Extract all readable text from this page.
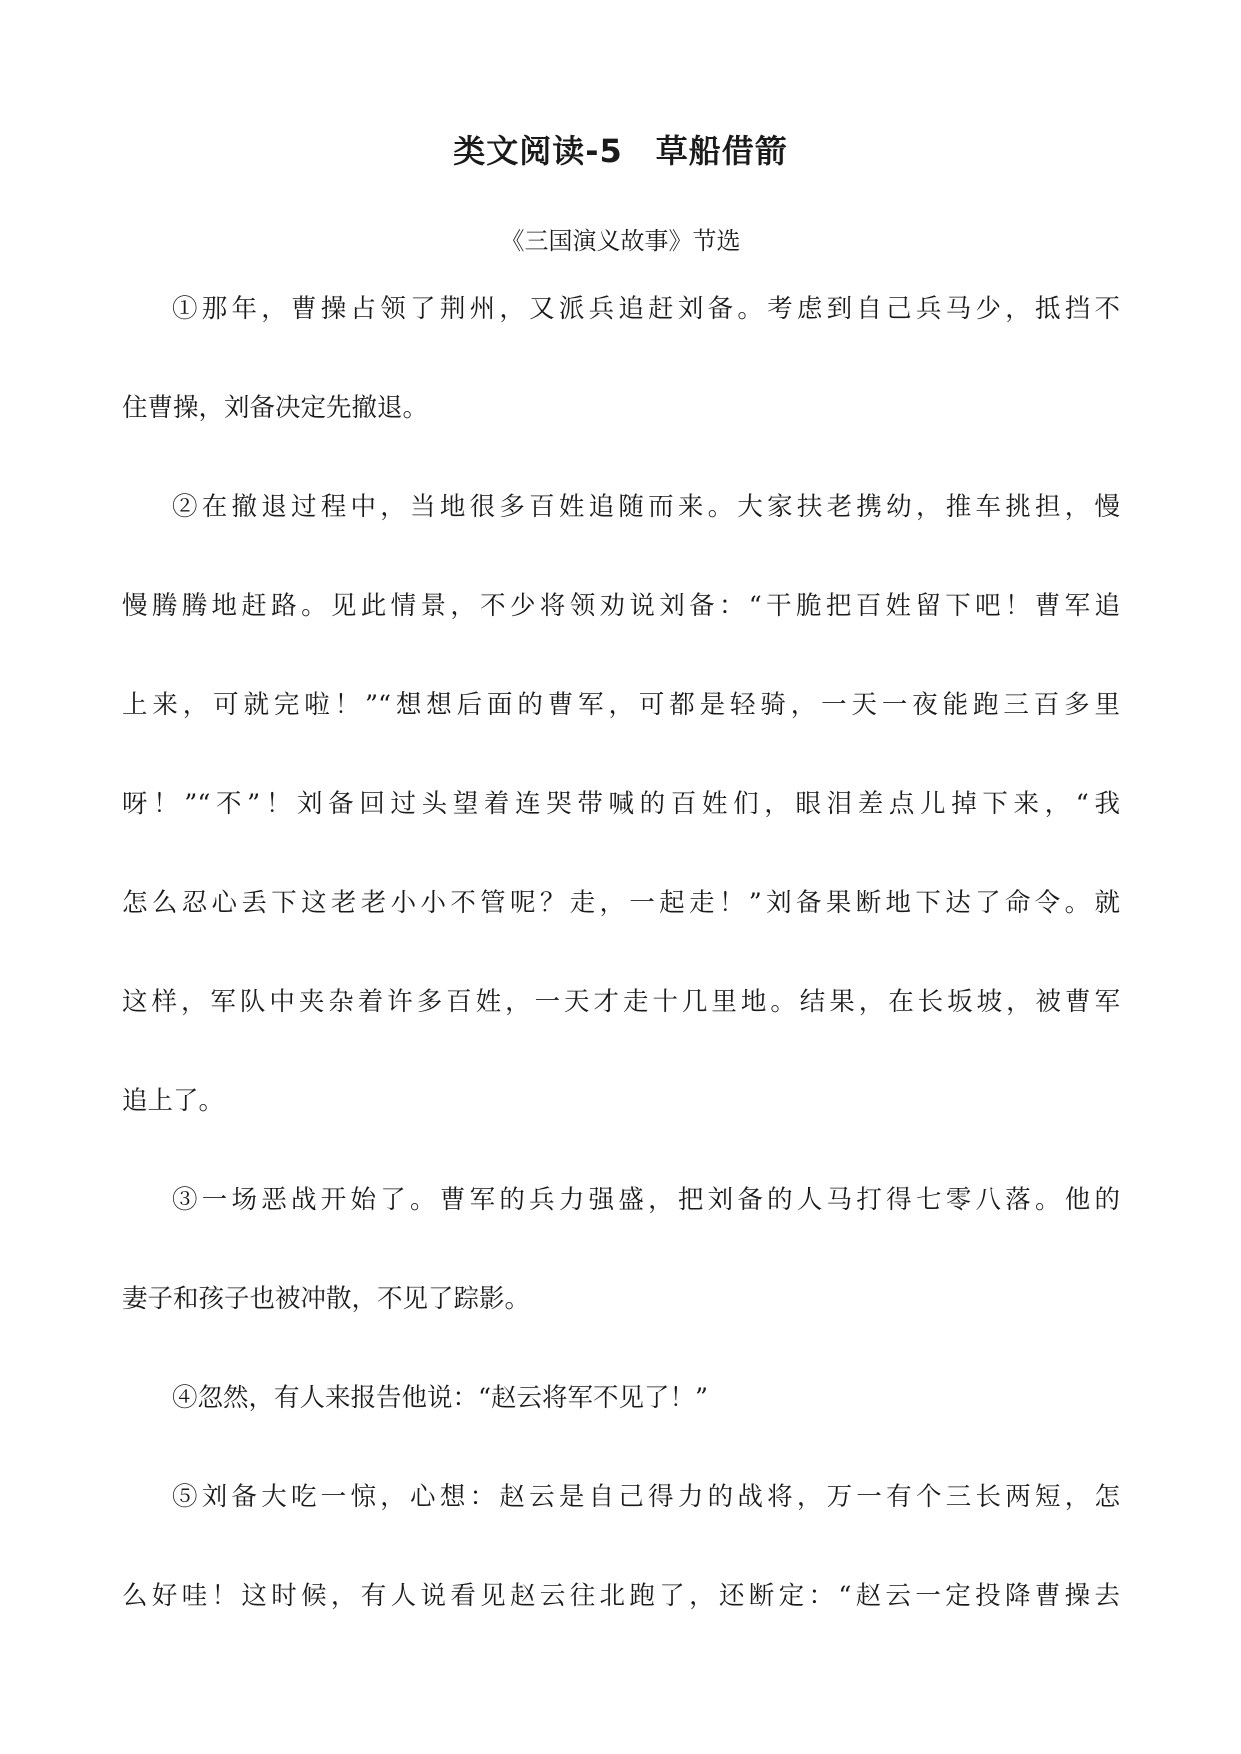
类文阅读-5　草船借箭
《三国演义故事》节选
①那年，曹操占领了荆州，又派兵追赶刘备。考虑到自己兵马少，抵挡不
住曹操，刘备决定先撤退。
②在撤退过程中，当地很多百姓追随而来。大家扶老携幼，推车挑担，慢
慢腾腾地赶路。见此情景，不少将领劝说刘备：“干脆把百姓留下吧！曹军追
上来，可就完啦！”“想想后面的曹军，可都是轻骑，一天一夜能跑三百多里
呀！”“不”！刘备回过头望着连哭带喊的百姓们，眼泪差点儿掉下来，“我
怎么忍心丢下这老老小小不管呢？走，一起走！”刘备果断地下达了命令。就
这样，军队中夹杂着许多百姓，一天才走十几里地。结果，在长坂坡，被曹军
追上了。
③一场恶战开始了。曹军的兵力强盛，把刘备的人马打得七零八落。他的
妻子和孩子也被冲散，不见了踪影。
④忽然，有人来报告他说：“赵云将军不见了！”
⑤刘备大吃一惊，心想：赵云是自己得力的战将，万一有个三长两短，怎
么好哇！这时候，有人说看见赵云往北跑了，还断定：“赵云一定投降曹操去
